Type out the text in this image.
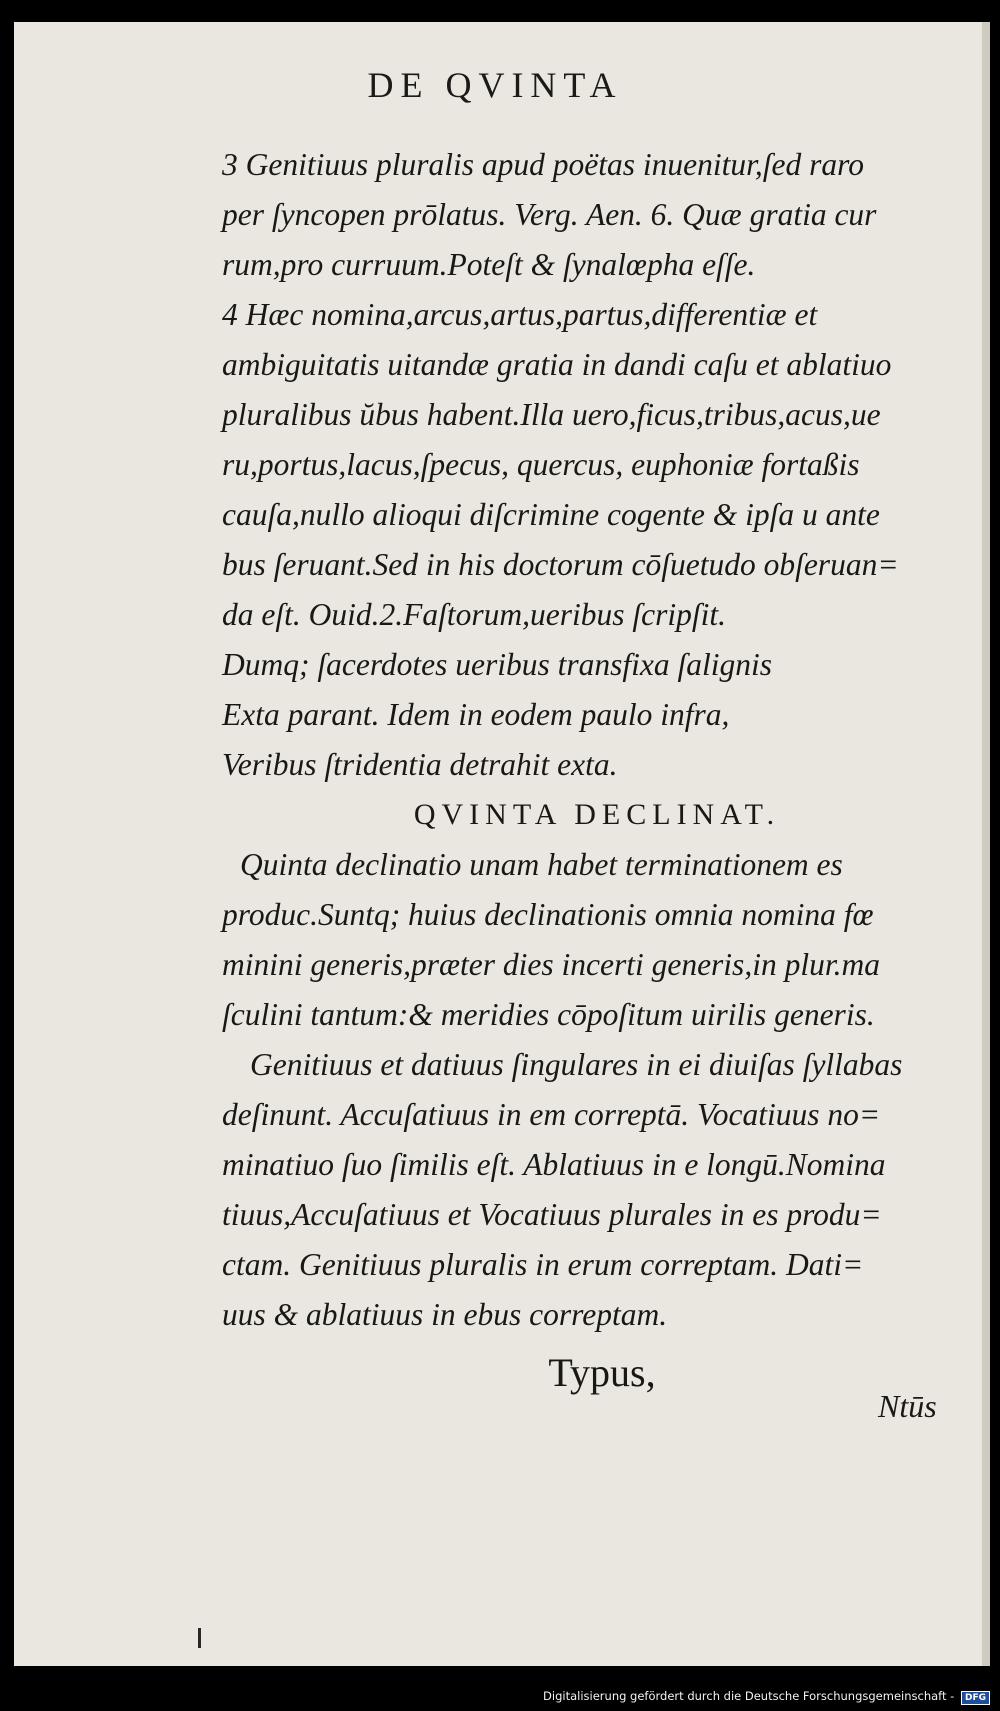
DE QVINTA
3 Genitiuus pluralis apud poëtas inuenitur,ſed raro
per ſyncopen prōlatus. Verg. Aen. 6. Quæ gratia cur
rum,pro curruum.Poteſt & ſynalœpha eſſe.
4 Hæc nomina,arcus,artus,partus,differentiæ et
ambiguitatis uitandæ gratia in dandi caſu et ablatiuo
pluralibus ŭbus habent.Illa uero,ficus,tribus,acus,ue
ru,portus,lacus,ſpecus, quercus, euphoniæ fortaßis
cauſa,nullo alioqui diſcrimine cogente & ipſa u ante
bus ſeruant.Sed in his doctorum cōſuetudo obſeruan=
da eſt. Ouid.2.Faſtorum,ueribus ſcripſit.
Dumq; ſacerdotes ueribus transfixa ſalignis
Exta parant. Idem in eodem paulo infra,
Veribus ſtridentia detrahit exta.
QVINTA DECLINAT.
Quinta declinatio unam habet terminationem es
produc.Suntq; huius declinationis omnia nomina fœ
minini generis,præter dies incerti generis,in plur.ma
ſculini tantum:& meridies cōpoſitum uirilis generis.
Genitiuus et datiuus ſingulares in ei diuiſas ſyllabas
deſinunt. Accuſatiuus in em correptā. Vocatiuus no=
minatiuo ſuo ſimilis eſt. Ablatiuus in e longū.Nomina
tiuus,Accuſatiuus et Vocatiuus plurales in es produ=
ctam. Genitiuus pluralis in erum correptam. Dati=
uus & ablatiuus in ebus correptam.
Typus,
Ntūs
Digitalisierung gefördert durch die Deutsche Forschungsgemeinschaft - DFG
